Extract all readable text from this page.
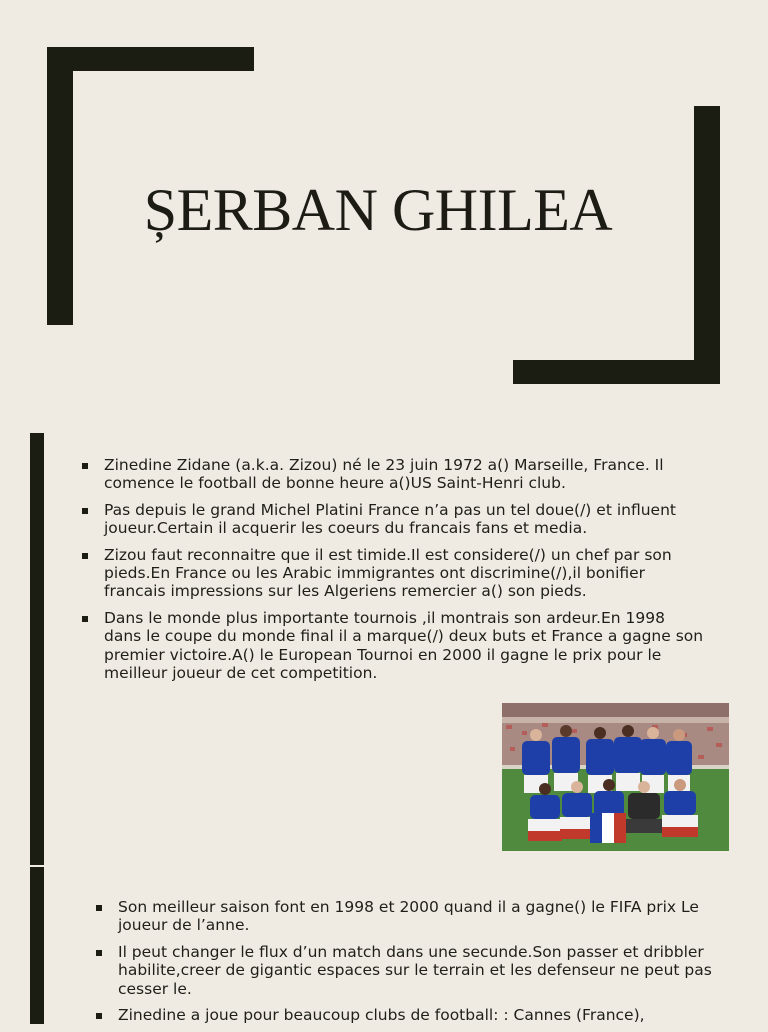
ȘERBAN GHILEA
Zinedine Zidane (a.k.a. Zizou) né le 23 juin 1972 a() Marseille, France. Il comence le football de bonne heure a()US Saint-Henri club.
Pas depuis le grand Michel Platini France n’a pas un tel doue(/) et influent joueur.Certain il acquerir les coeurs du francais fans et media.
Zizou faut reconnaitre que il est timide.Il est considere(/) un chef par son pieds.En France ou les Arabic immigrantes ont discrimine(/),il bonifier francais impressions sur les Algeriens remercier a() son pieds.
Dans le monde plus importante tournois ,il montrais son ardeur.En 1998 dans le coupe du monde final il a marque(/) deux buts et France a gagne son premier victoire.A() le European Tournoi en 2000 il gagne le prix pour le meilleur joueur de cet competition.
Son meilleur saison font en 1998 et 2000 quand il a gagne() le FIFA prix Le joueur de l’anne.
Il peut changer le flux d’un match dans une secunde.Son passer et dribbler habilite,creer de gigantic espaces sur le terrain et les defenseur ne peut pas cesser le.
Zinedine a joue pour beaucoup clubs de football: : Cannes (France),
